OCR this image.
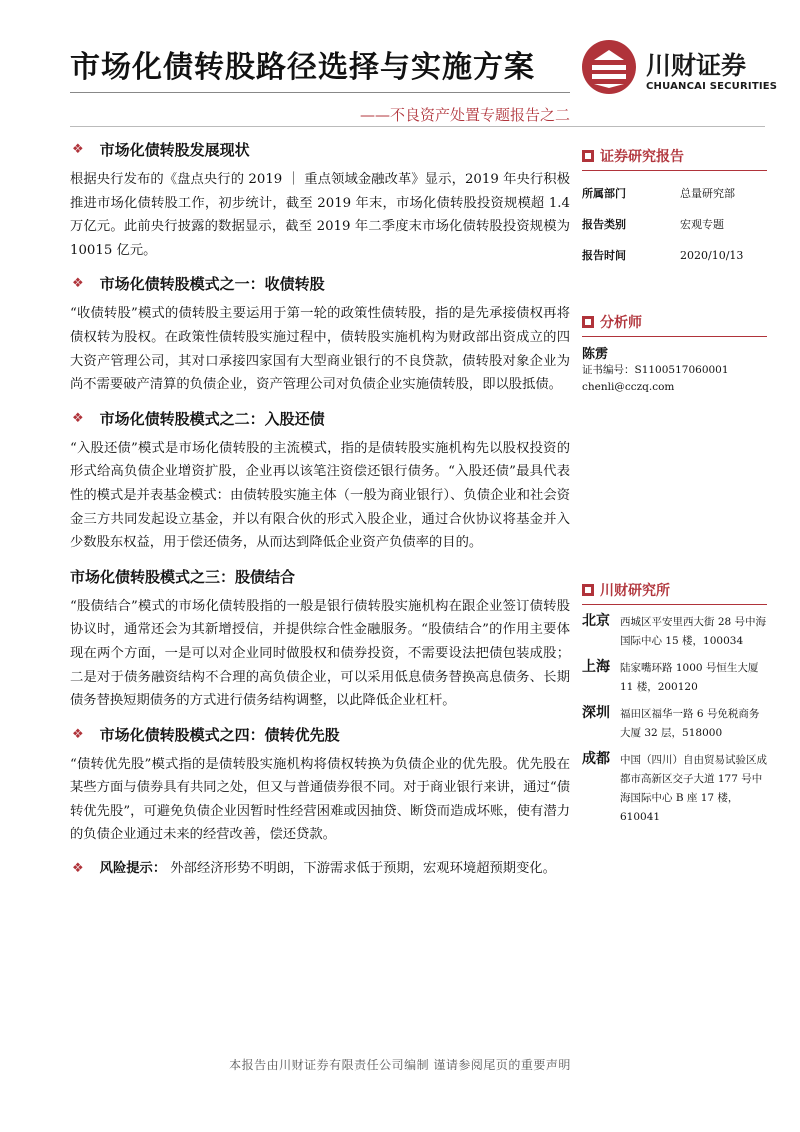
市场化债转股路径选择与实施方案	川财证券
CHUANCAI SECURITIES
——不良资产处置专题报告之二
❖ 市场化债转股发展现状

根据央行发布的《盘点央行的 2019 ｜ 重点领域金融改革》显示，2019 年央行积极推进市场化债转股工作，初步统计，截至 2019 年末，市场化债转股投资规模超 1.4 万亿元。此前央行披露的数据显示，截至 2019 年二季度末市场化债转股投资规模为 10015 亿元。

❖ 市场化债转股模式之一：收债转股

“收债转股”模式的债转股主要运用于第一轮的政策性债转股，指的是先承接债权再将债权转为股权。在政策性债转股实施过程中，债转股实施机构为财政部出资成立的四大资产管理公司，其对口承接四家国有大型商业银行的不良贷款，债转股对象企业为尚不需要破产清算的负债企业，资产管理公司对负债企业实施债转股，即以股抵债。

❖ 市场化债转股模式之二：入股还债

“入股还债”模式是市场化债转股的主流模式，指的是债转股实施机构先以股权投资的形式给高负债企业增资扩股，企业再以该笔注资偿还银行债务。“入股还债”最具代表性的模式是并表基金模式：由债转股实施主体（一般为商业银行）、负债企业和社会资金三方共同发起设立基金，并以有限合伙的形式入股企业，通过合伙协议将基金并入少数股东权益，用于偿还债务，从而达到降低企业资产负债率的目的。

市场化债转股模式之三：股债结合

“股债结合”模式的市场化债转股指的一般是银行债转股实施机构在跟企业签订债转股协议时，通常还会为其新增授信，并提供综合性金融服务。“股债结合”的作用主要体现在两个方面，一是可以对企业同时做股权和债券投资，不需要设法把债包装成股；二是对于债务融资结构不合理的高负债企业，可以采用低息债务替换高息债务、长期债务替换短期债务的方式进行债务结构调整，以此降低企业杠杆。

❖ 市场化债转股模式之四：债转优先股

“债转优先股”模式指的是债转股实施机构将债权转换为负债企业的优先股。优先股在某些方面与债券具有共同之处，但又与普通债券很不同。对于商业银行来讲，通过“债转优先股”，可避免负债企业因暂时性经营困难或因抽贷、断贷而造成坏账，使有潜力的负债企业通过未来的经营改善，偿还贷款。

❖ 风险提示： 外部经济形势不明朗，下游需求低于预期，宏观环境超预期变化。
证券研究报告
所属部门	总量研究部
报告类别	宏观专题
报告时间	2020/10/13
分析师
陈雳
证书编号：S1100517060001
chenli@cczq.com
川财研究所
北京 西城区平安里西大街 28 号中海国际中心 15 楼，100034
上海 陆家嘴环路 1000 号恒生大厦 11 楼，200120
深圳 福田区福华一路 6 号免税商务大厦 32 层，518000
成都 中国（四川）自由贸易试验区成都市高新区交子大道 177 号中海国际中心 B 座 17 楼，610041
本报告由川财证券有限责任公司编制 谨请参阅尾页的重要声明
